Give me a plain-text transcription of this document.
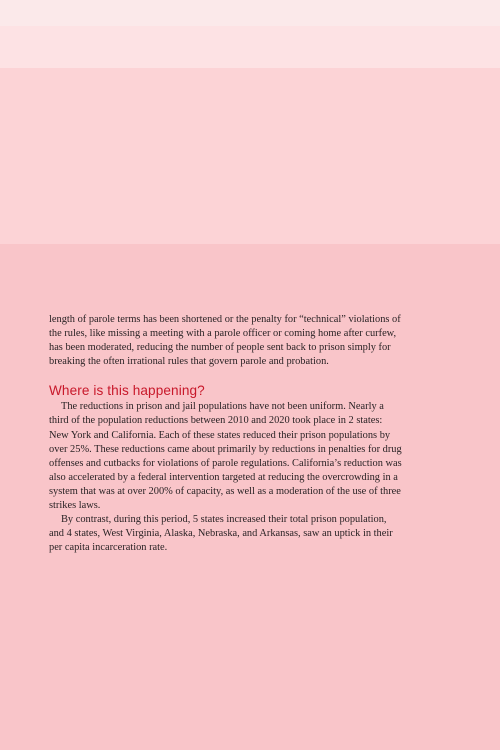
length of parole terms has been shortened or the penalty for “technical” violations of the rules, like missing a meeting with a parole officer or coming home after curfew, has been moderated, reducing the number of people sent back to prison simply for breaking the often irrational rules that govern parole and probation.

Where is this happening?

The reductions in prison and jail populations have not been uniform. Nearly a third of the population reductions between 2010 and 2020 took place in 2 states: New York and California. Each of these states reduced their prison populations by over 25%. These reductions came about primarily by reductions in penalties for drug offenses and cutbacks for violations of parole regulations. California’s reduction was also accelerated by a federal intervention targeted at reducing the overcrowding in a system that was at over 200% of capacity, as well as a moderation of the use of three strikes laws.

By contrast, during this period, 5 states increased their total prison population, and 4 states, West Virginia, Alaska, Nebraska, and Arkansas, saw an uptick in their per capita incarceration rate.
